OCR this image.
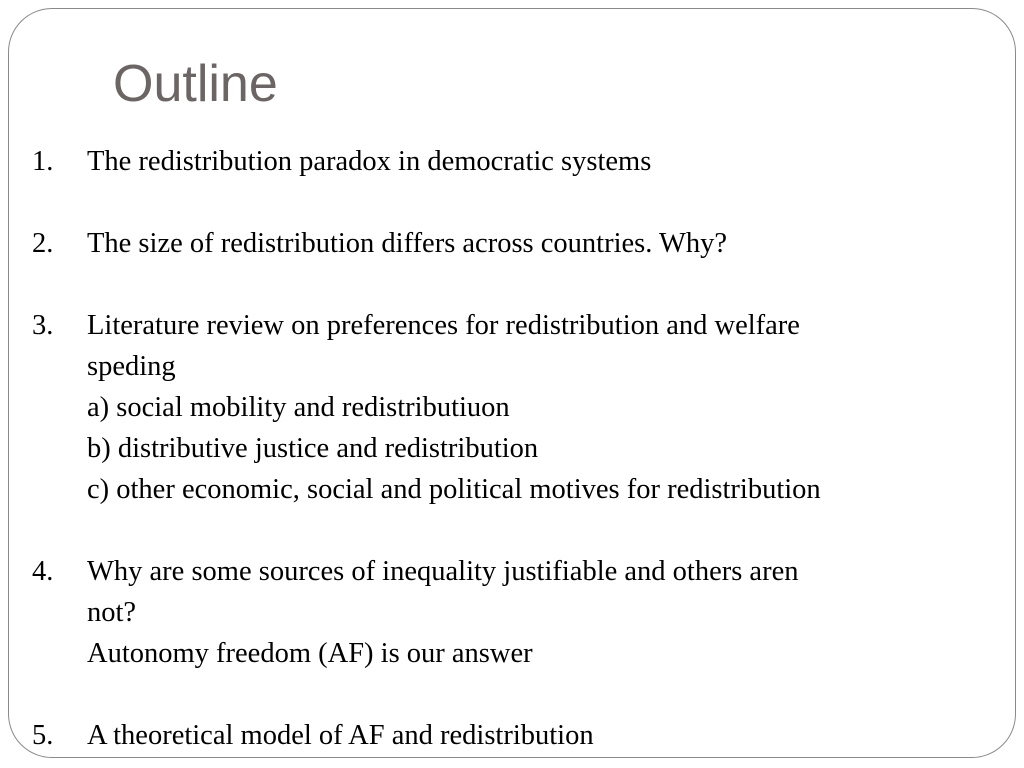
Outline
1. The redistribution paradox in democratic systems
2. The size of redistribution differs across countries. Why?
3. Literature review on preferences for redistribution and welfare
speding
a) social mobility and redistributiuon
b) distributive justice and redistribution
c) other economic, social and political motives for redistribution
4. Why are some sources of inequality justifiable and others aren
not?
Autonomy freedom (AF) is our answer
5. A theoretical model of AF and redistribution
